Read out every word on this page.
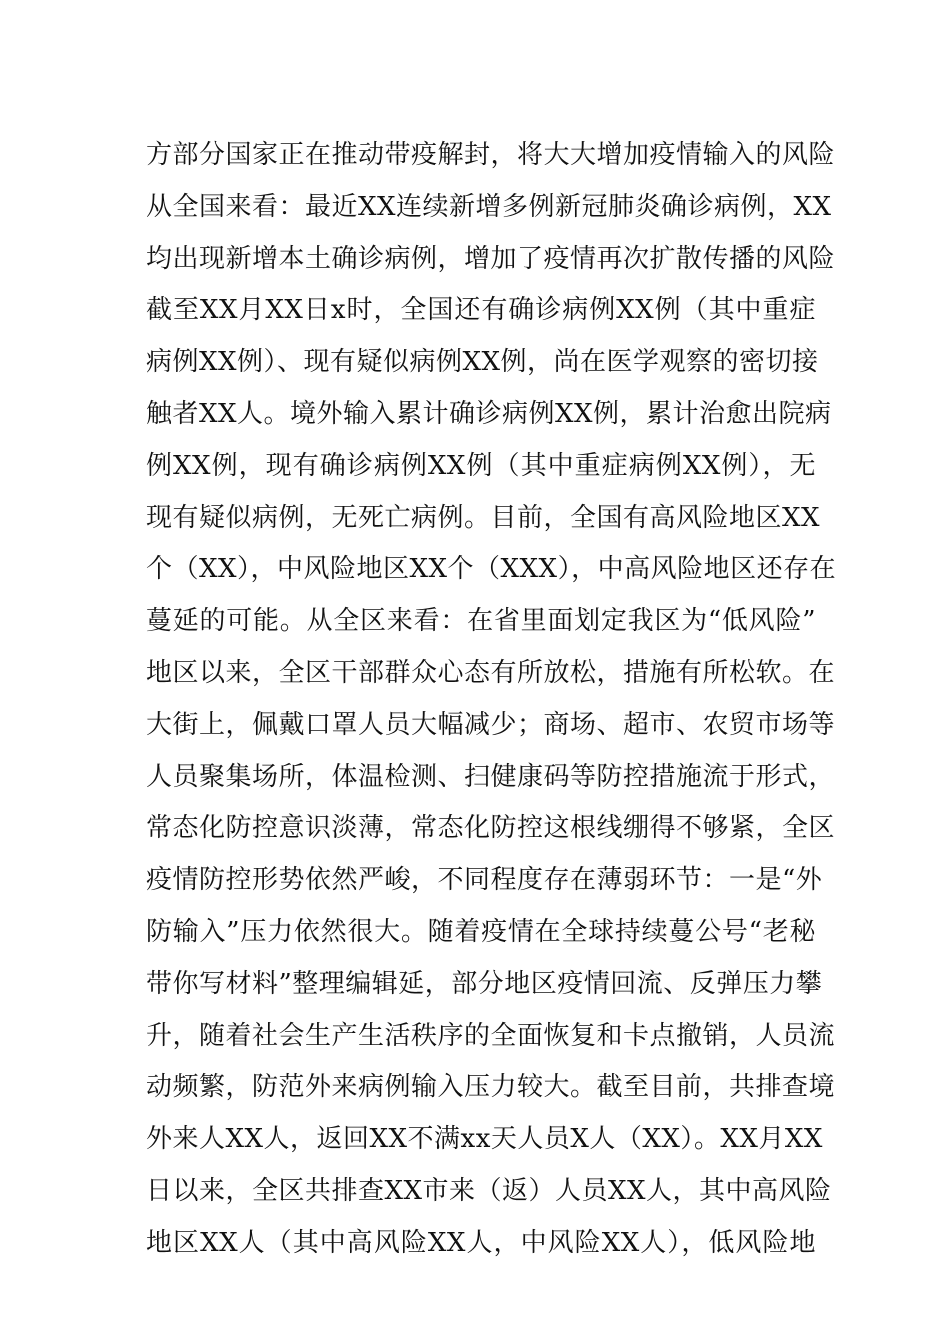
方部分国家正在推动带疫解封，将大大增加疫情输入的风险
从全国来看：最近XX连续新增多例新冠肺炎确诊病例，XX
均出现新增本土确诊病例，增加了疫情再次扩散传播的风险
截至XX月XX日x时，全国还有确诊病例XX例（其中重症
病例XX例）、现有疑似病例XX例，尚在医学观察的密切接
触者XX人。境外输入累计确诊病例XX例，累计治愈出院病
例XX例，现有确诊病例XX例（其中重症病例XX例），无
现有疑似病例，无死亡病例。目前，全国有高风险地区XX
个（XX），中风险地区XX个（XXX），中高风险地区还存在
蔓延的可能。从全区来看：在省里面划定我区为“低风险”
地区以来，全区干部群众心态有所放松，措施有所松软。在
大街上，佩戴口罩人员大幅减少；商场、超市、农贸市场等
人员聚集场所，体温检测、扫健康码等防控措施流于形式，
常态化防控意识淡薄，常态化防控这根线绷得不够紧，全区
疫情防控形势依然严峻，不同程度存在薄弱环节：一是“外
防输入”压力依然很大。随着疫情在全球持续蔓公号“老秘
带你写材料”整理编辑延，部分地区疫情回流、反弹压力攀
升，随着社会生产生活秩序的全面恢复和卡点撤销，人员流
动频繁，防范外来病例输入压力较大。截至目前，共排查境
外来人XX人，返回XX不满xx天人员X人（XX）。XX月XX
日以来，全区共排查XX市来（返）人员XX人，其中高风险
地区XX人（其中高风险XX人，中风险XX人），低风险地
